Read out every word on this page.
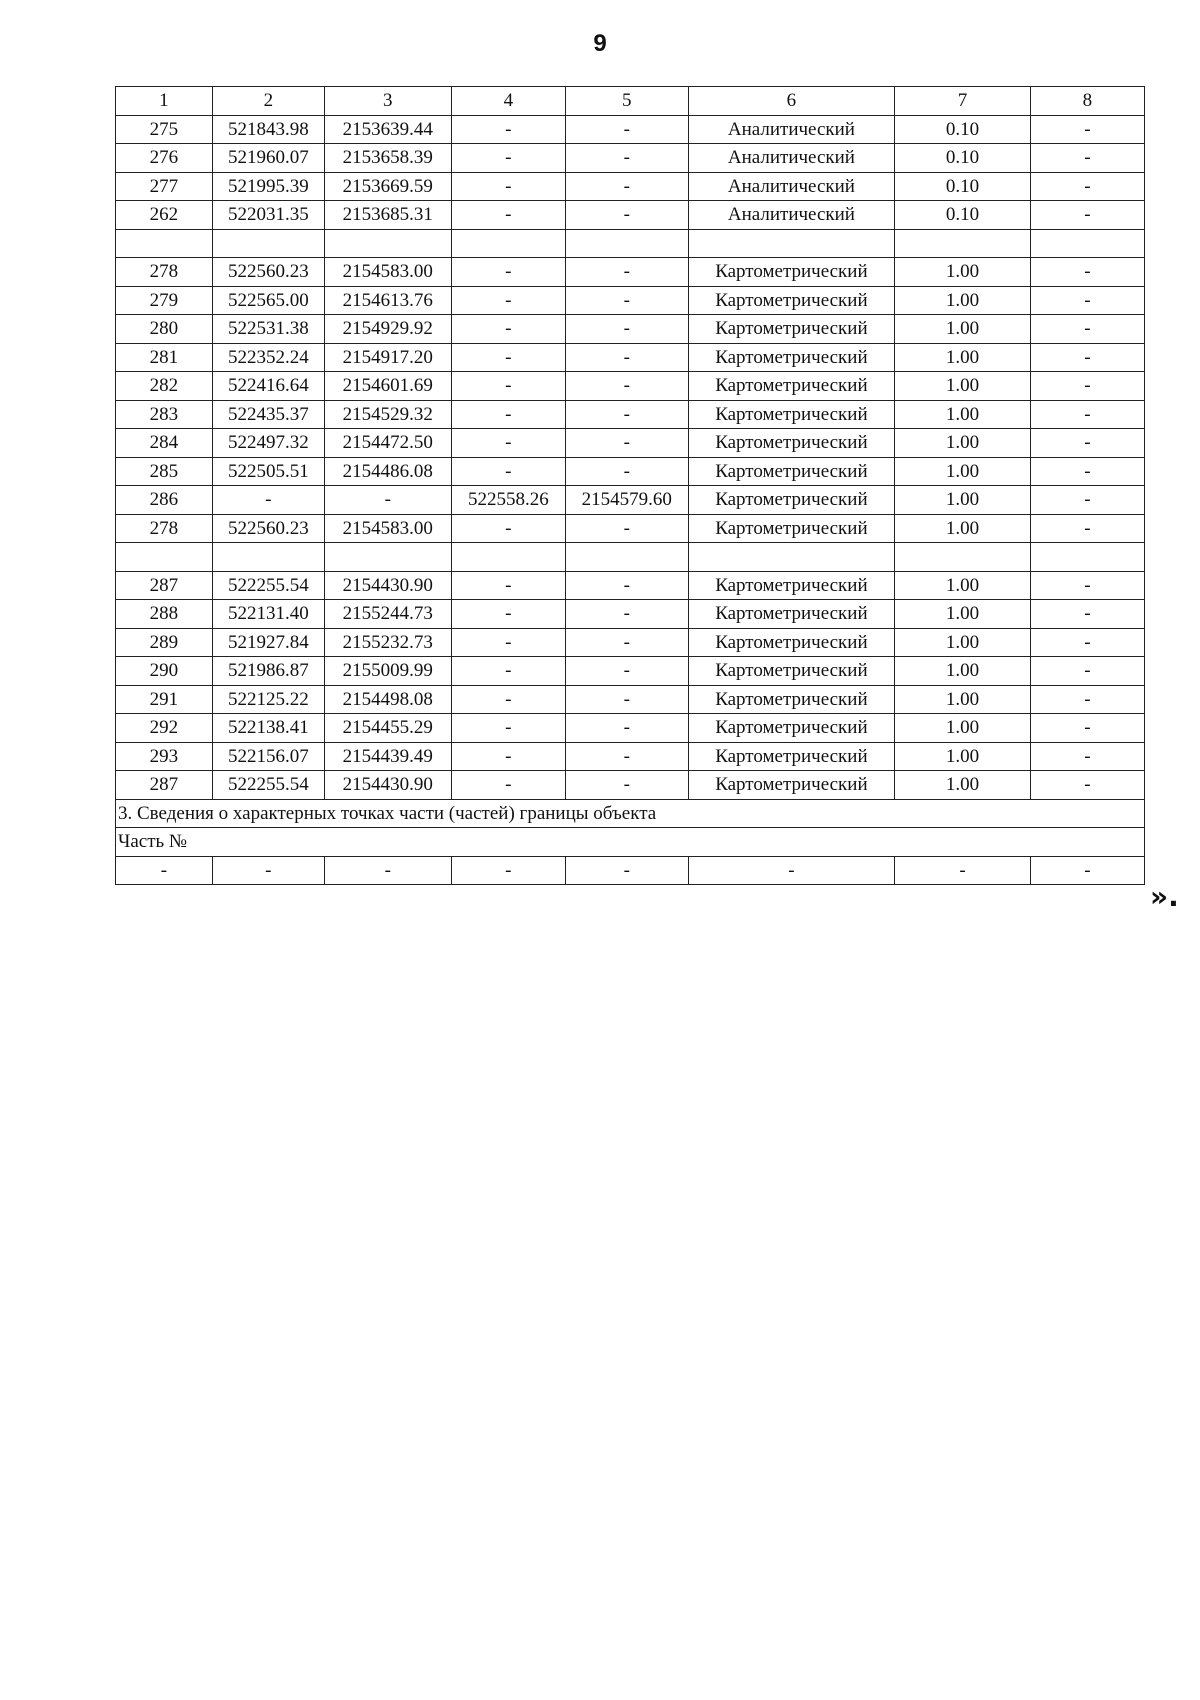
9
1	2	3	4	5	6	7	8
275	521843.98	2153639.44	-	-	Аналитический	0.10	-
276	521960.07	2153658.39	-	-	Аналитический	0.10	-
277	521995.39	2153669.59	-	-	Аналитический	0.10	-
262	522031.35	2153685.31	-	-	Аналитический	0.10	-

278	522560.23	2154583.00	-	-	Картометрический	1.00	-
279	522565.00	2154613.76	-	-	Картометрический	1.00	-
280	522531.38	2154929.92	-	-	Картометрический	1.00	-
281	522352.24	2154917.20	-	-	Картометрический	1.00	-
282	522416.64	2154601.69	-	-	Картометрический	1.00	-
283	522435.37	2154529.32	-	-	Картометрический	1.00	-
284	522497.32	2154472.50	-	-	Картометрический	1.00	-
285	522505.51	2154486.08	-	-	Картометрический	1.00	-
286	-	-	522558.26	2154579.60	Картометрический	1.00	-
278	522560.23	2154583.00	-	-	Картометрический	1.00	-

287	522255.54	2154430.90	-	-	Картометрический	1.00	-
288	522131.40	2155244.73	-	-	Картометрический	1.00	-
289	521927.84	2155232.73	-	-	Картометрический	1.00	-
290	521986.87	2155009.99	-	-	Картометрический	1.00	-
291	522125.22	2154498.08	-	-	Картометрический	1.00	-
292	522138.41	2154455.29	-	-	Картометрический	1.00	-
293	522156.07	2154439.49	-	-	Картометрический	1.00	-
287	522255.54	2154430.90	-	-	Картометрический	1.00	-
3. Сведения о характерных точках части (частей) границы объекта							
Часть №							
-	-	-	-	-	-	-	-
».
